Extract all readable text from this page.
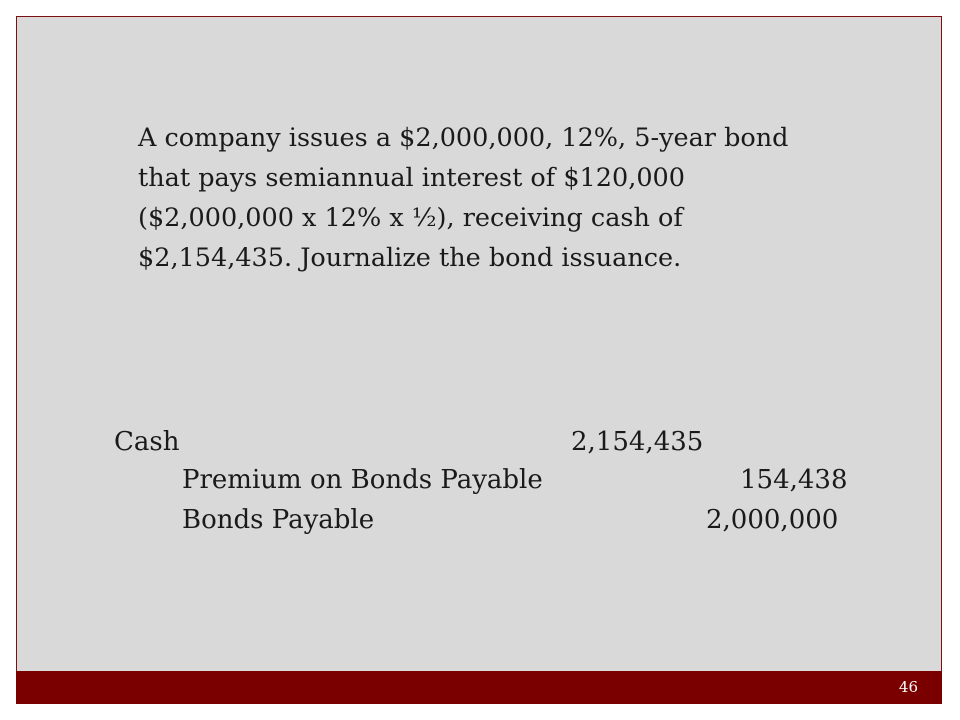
A company issues a $2,000,000, 12%, 5-year bond that pays semiannual interest of $120,000 ($2,000,000 x 12% x ½), receiving cash of $2,154,435. Journalize the bond issuance.

Cash	2,154,435
Premium on Bonds Payable	154,438
Bonds Payable	2,000,000
46
